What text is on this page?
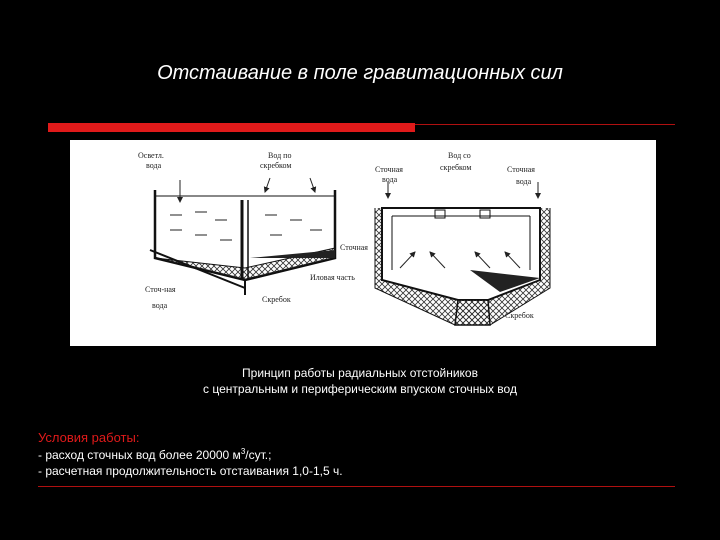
Отстаивание в поле гравитационных сил
Осветл.
вода
Вод по
скребком
Сточная
Иловая часть
Сточ-ная
вода
Скребок
Сточная
вода
Вод со
скребком	Сточная
вода
Скребок
Принцип работы радиальных отстойников
с центральным и периферическим впуском сточных вод
Условия работы:
- расход сточных вод более 20000 $м^3$/сут.;
- расчетная продолжительность отстаивания 1,0-1,5 ч.
